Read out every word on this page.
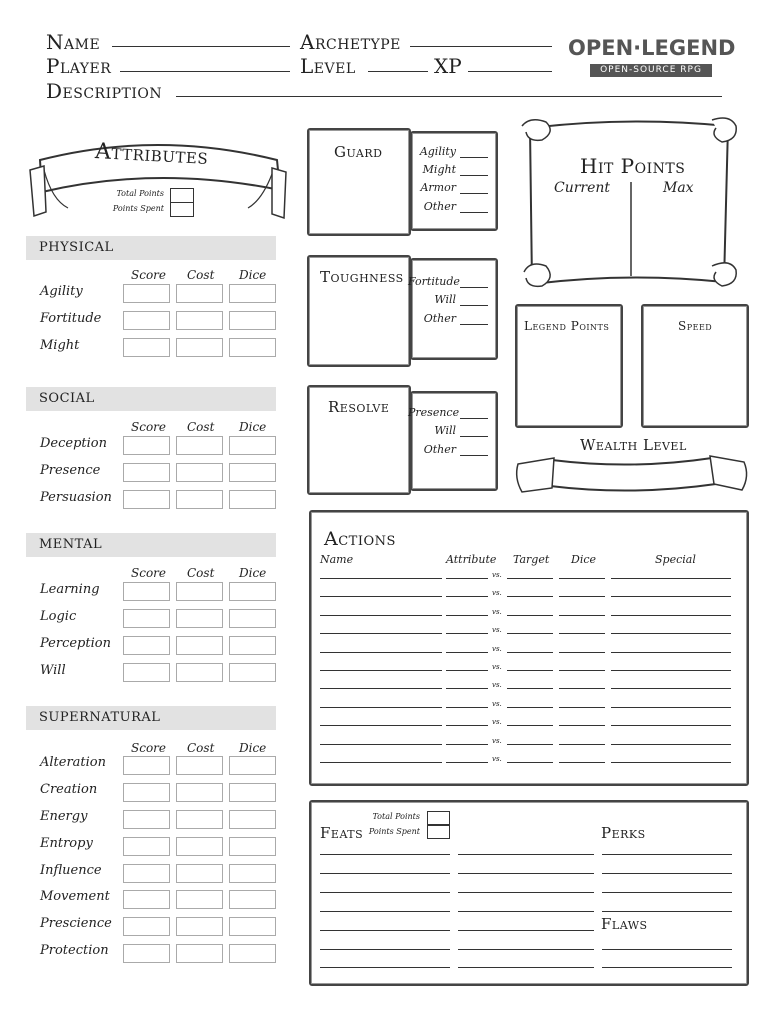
Name	Archetype
Player	Level	XP
Description
OPEN·LEGEND
OPEN-SOURCE RPG
Attributes
Total Points
Points Spent
PHYSICAL
Score Cost Dice
Agility
Fortitude
Might
SOCIAL
Score Cost Dice
Deception
Presence
Persuasion
MENTAL
Score Cost Dice
Learning
Logic
Perception
Will
SUPERNATURAL
Score Cost Dice
Alteration
Creation
Energy
Entropy
Influence
Movement
Prescience
Protection
Guard	Agility
Might
Armor
Other
Toughness Fortitude
Will
Other
Resolve Presence
Will
Other
Hit Points
Current	Max
Legend Points	Speed
Wealth Level
Actions
Name	Attribute Target Dice	Special
vs.
vs.
vs.
vs.
vs.
vs.
vs.
vs.
vs.
vs.
vs.
Feats
Total Points
Points Spent	Perks
Flaws
